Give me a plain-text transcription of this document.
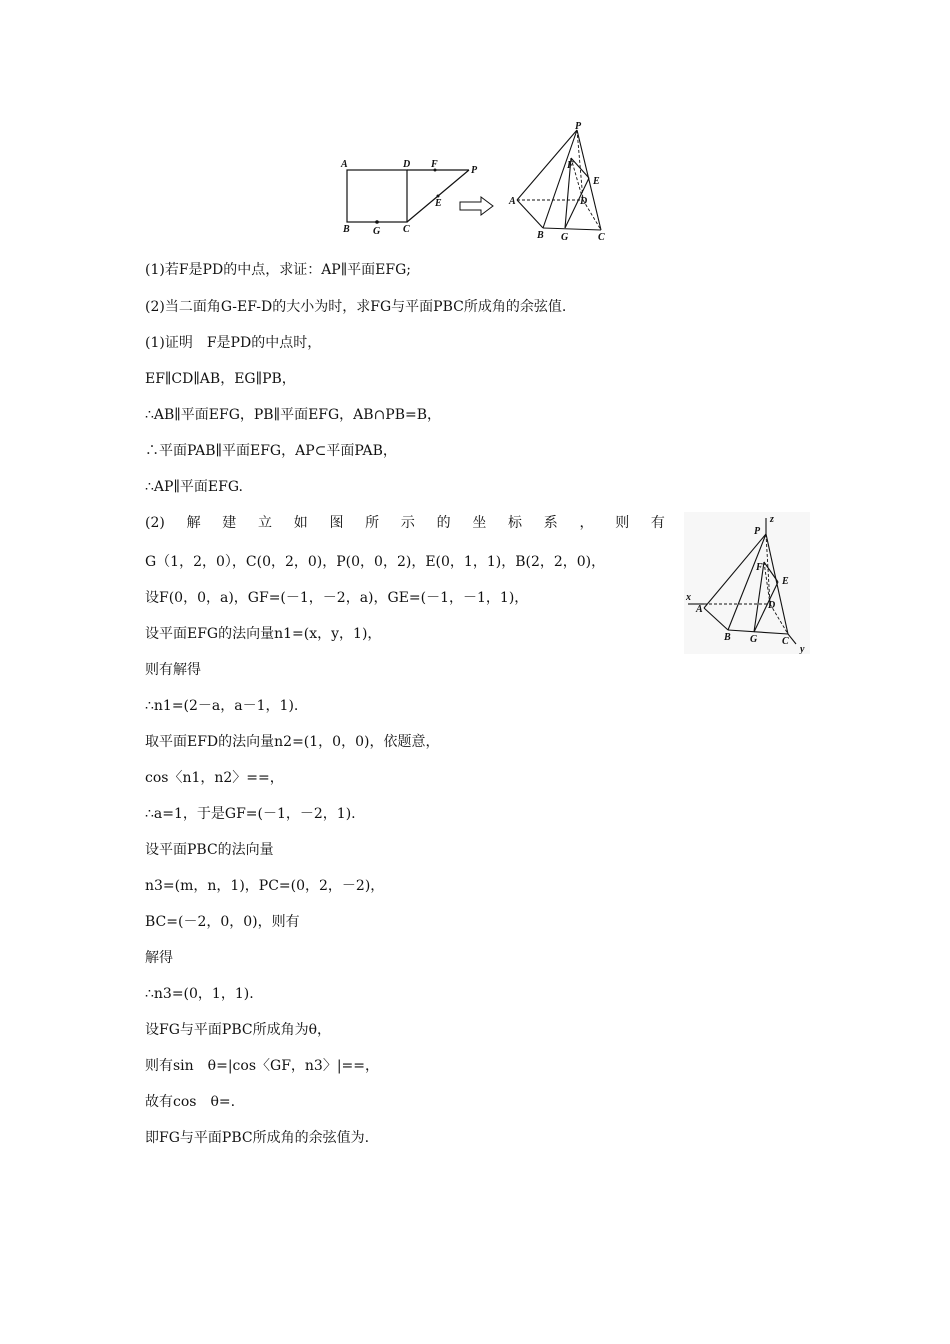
A	D F
P
E
B G C
P
F
E
A	D
B G	C
z
P
F
E
x
A	D
B G C
y
(1)若F是PD的中点，求证：AP∥平面EFG;
(2)当二面角G-EF-D的大小为时，求FG与平面PBC所成角的余弦值.
(1)证明　F是PD的中点时，
EF∥CD∥AB，EG∥PB，
∴AB∥平面EFG，PB∥平面EFG，AB∩PB=B，
∴平面PAB∥平面EFG，AP⊂平面PAB，
∴AP∥平面EFG.
(2) 解 建 立 如 图 所 示 的 坐 标 系 ， 则 有
G（1，2，0），C(0，2，0)，P(0，0，2)，E(0，1，1)，B(2，2，0)，
设F(0，0，a)，GF=(－1，－2，a)，GE=(－1，－1，1)，
设平面EFG的法向量n1=(x，y，1)，
则有解得
∴n1=(2－a，a－1，1).
取平面EFD的法向量n2=(1，0，0)，依题意，
cos〈n1，n2〉==，
∴a=1，于是GF=(－1，－2，1).
设平面PBC的法向量
n3=(m，n，1)，PC=(0，2，－2)，
BC=(－2，0，0)，则有
解得
∴n3=(0，1，1).
设FG与平面PBC所成角为θ，
则有sin　θ=|cos〈GF，n3〉|==，
故有cos　θ=.
即FG与平面PBC所成角的余弦值为.
